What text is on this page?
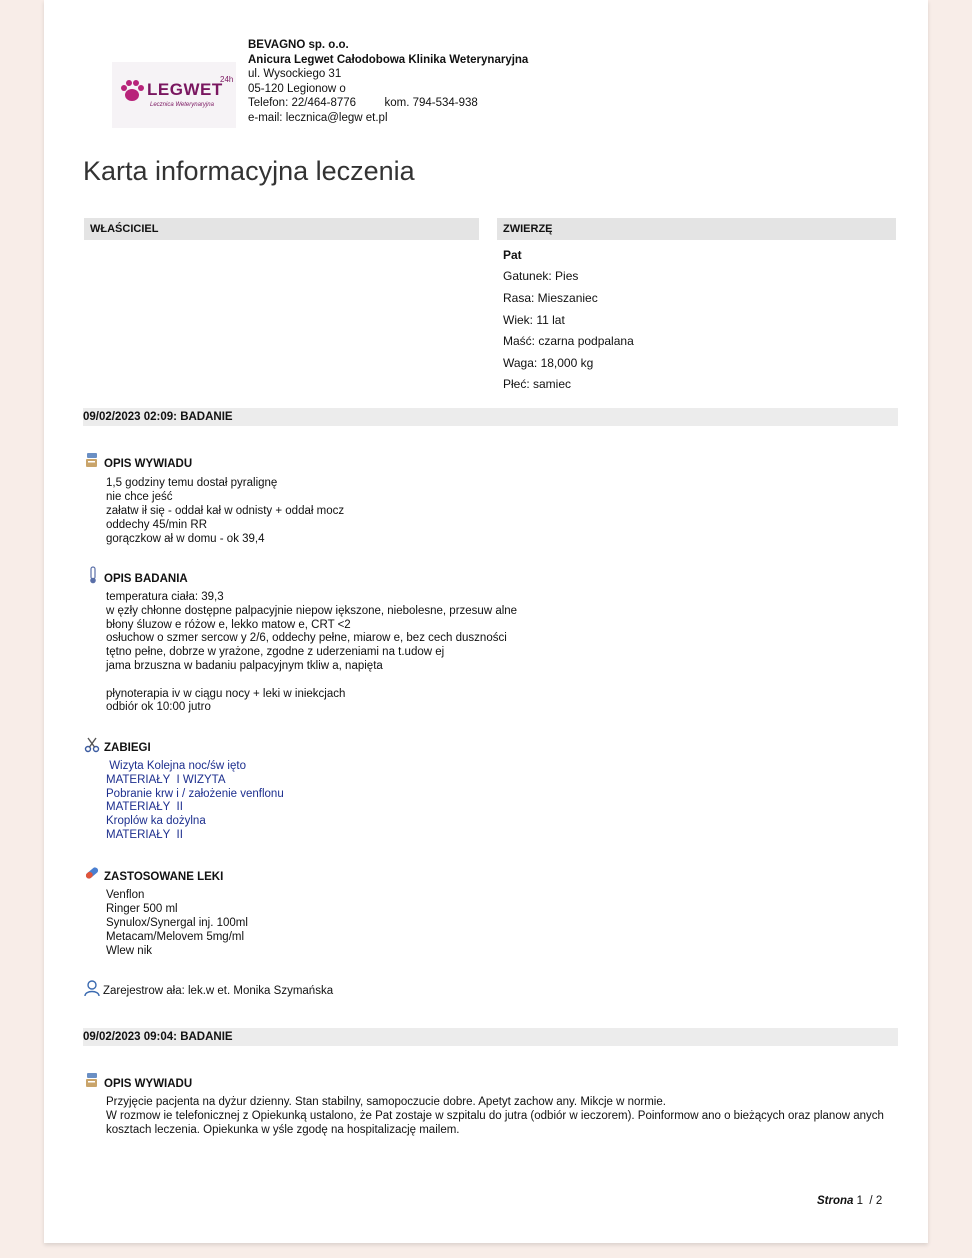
LEGWET
24h
Lecznica Weterynaryjna
BEVAGNO sp. o.o.
Anicura Legwet Całodobowa Klinika Weterynaryjna
ul. Wysockiego 31
05-120 Legionow o
Telefon: 22/464-8776 kom. 794-534-938
e-mail: lecznica@legw et.pl
Karta informacyjna leczenia
WŁAŚCICIEL	ZWIERZĘ
Pat
Gatunek: Pies
Rasa: Mieszaniec
Wiek: 11 lat
Maść: czarna podpalana
Waga: 18,000 kg
Płeć: samiec
09/02/2023 02:09: BADANIE
OPIS WYWIADU
1,5 godziny temu dostał pyralignę
nie chce jeść
załatw ił się - oddał kał w odnisty + oddał mocz
oddechy 45/min RR
gorączkow ał w domu - ok 39,4
OPIS BADANIA
temperatura ciała: 39,3
w ęzły chłonne dostępne palpacyjnie niepow iększone, niebolesne, przesuw alne
błony śluzow e różow e, lekko matow e, CRT <2
osłuchow o szmer sercow y 2/6, oddechy pełne, miarow e, bez cech duszności
tętno pełne, dobrze w yrażone, zgodne z uderzeniami na t.udow ej
jama brzuszna w badaniu palpacyjnym tkliw a, napięta
płynoterapia iv w ciągu nocy + leki w iniekcjach
odbiór ok 10:00 jutro
ZABIEGI
Wizyta Kolejna noc/św ięto
MATERIAŁY  I WIZYTA
Pobranie krw i / założenie venflonu
MATERIAŁY  II
Kroplów ka dożylna
MATERIAŁY  II
ZASTOSOWANE LEKI
Venflon
Ringer 500 ml
Synulox/Synergal inj. 100ml
Metacam/Melovem 5mg/ml
Wlew nik
Zarejestrow ała: lek.w et. Monika Szymańska
09/02/2023 09:04: BADANIE
OPIS WYWIADU
Przyjęcie pacjenta na dyżur dzienny. Stan stabilny, samopoczucie dobre. Apetyt zachow any. Mikcje w normie.
W rozmow ie telefonicznej z Opiekunką ustalono, że Pat zostaje w szpitalu do jutra (odbiór w ieczorem). Poinformow ano o bieżących oraz planow anych kosztach leczenia. Opiekunka w yśle zgodę na hospitalizację mailem.
Strona 1  / 2
